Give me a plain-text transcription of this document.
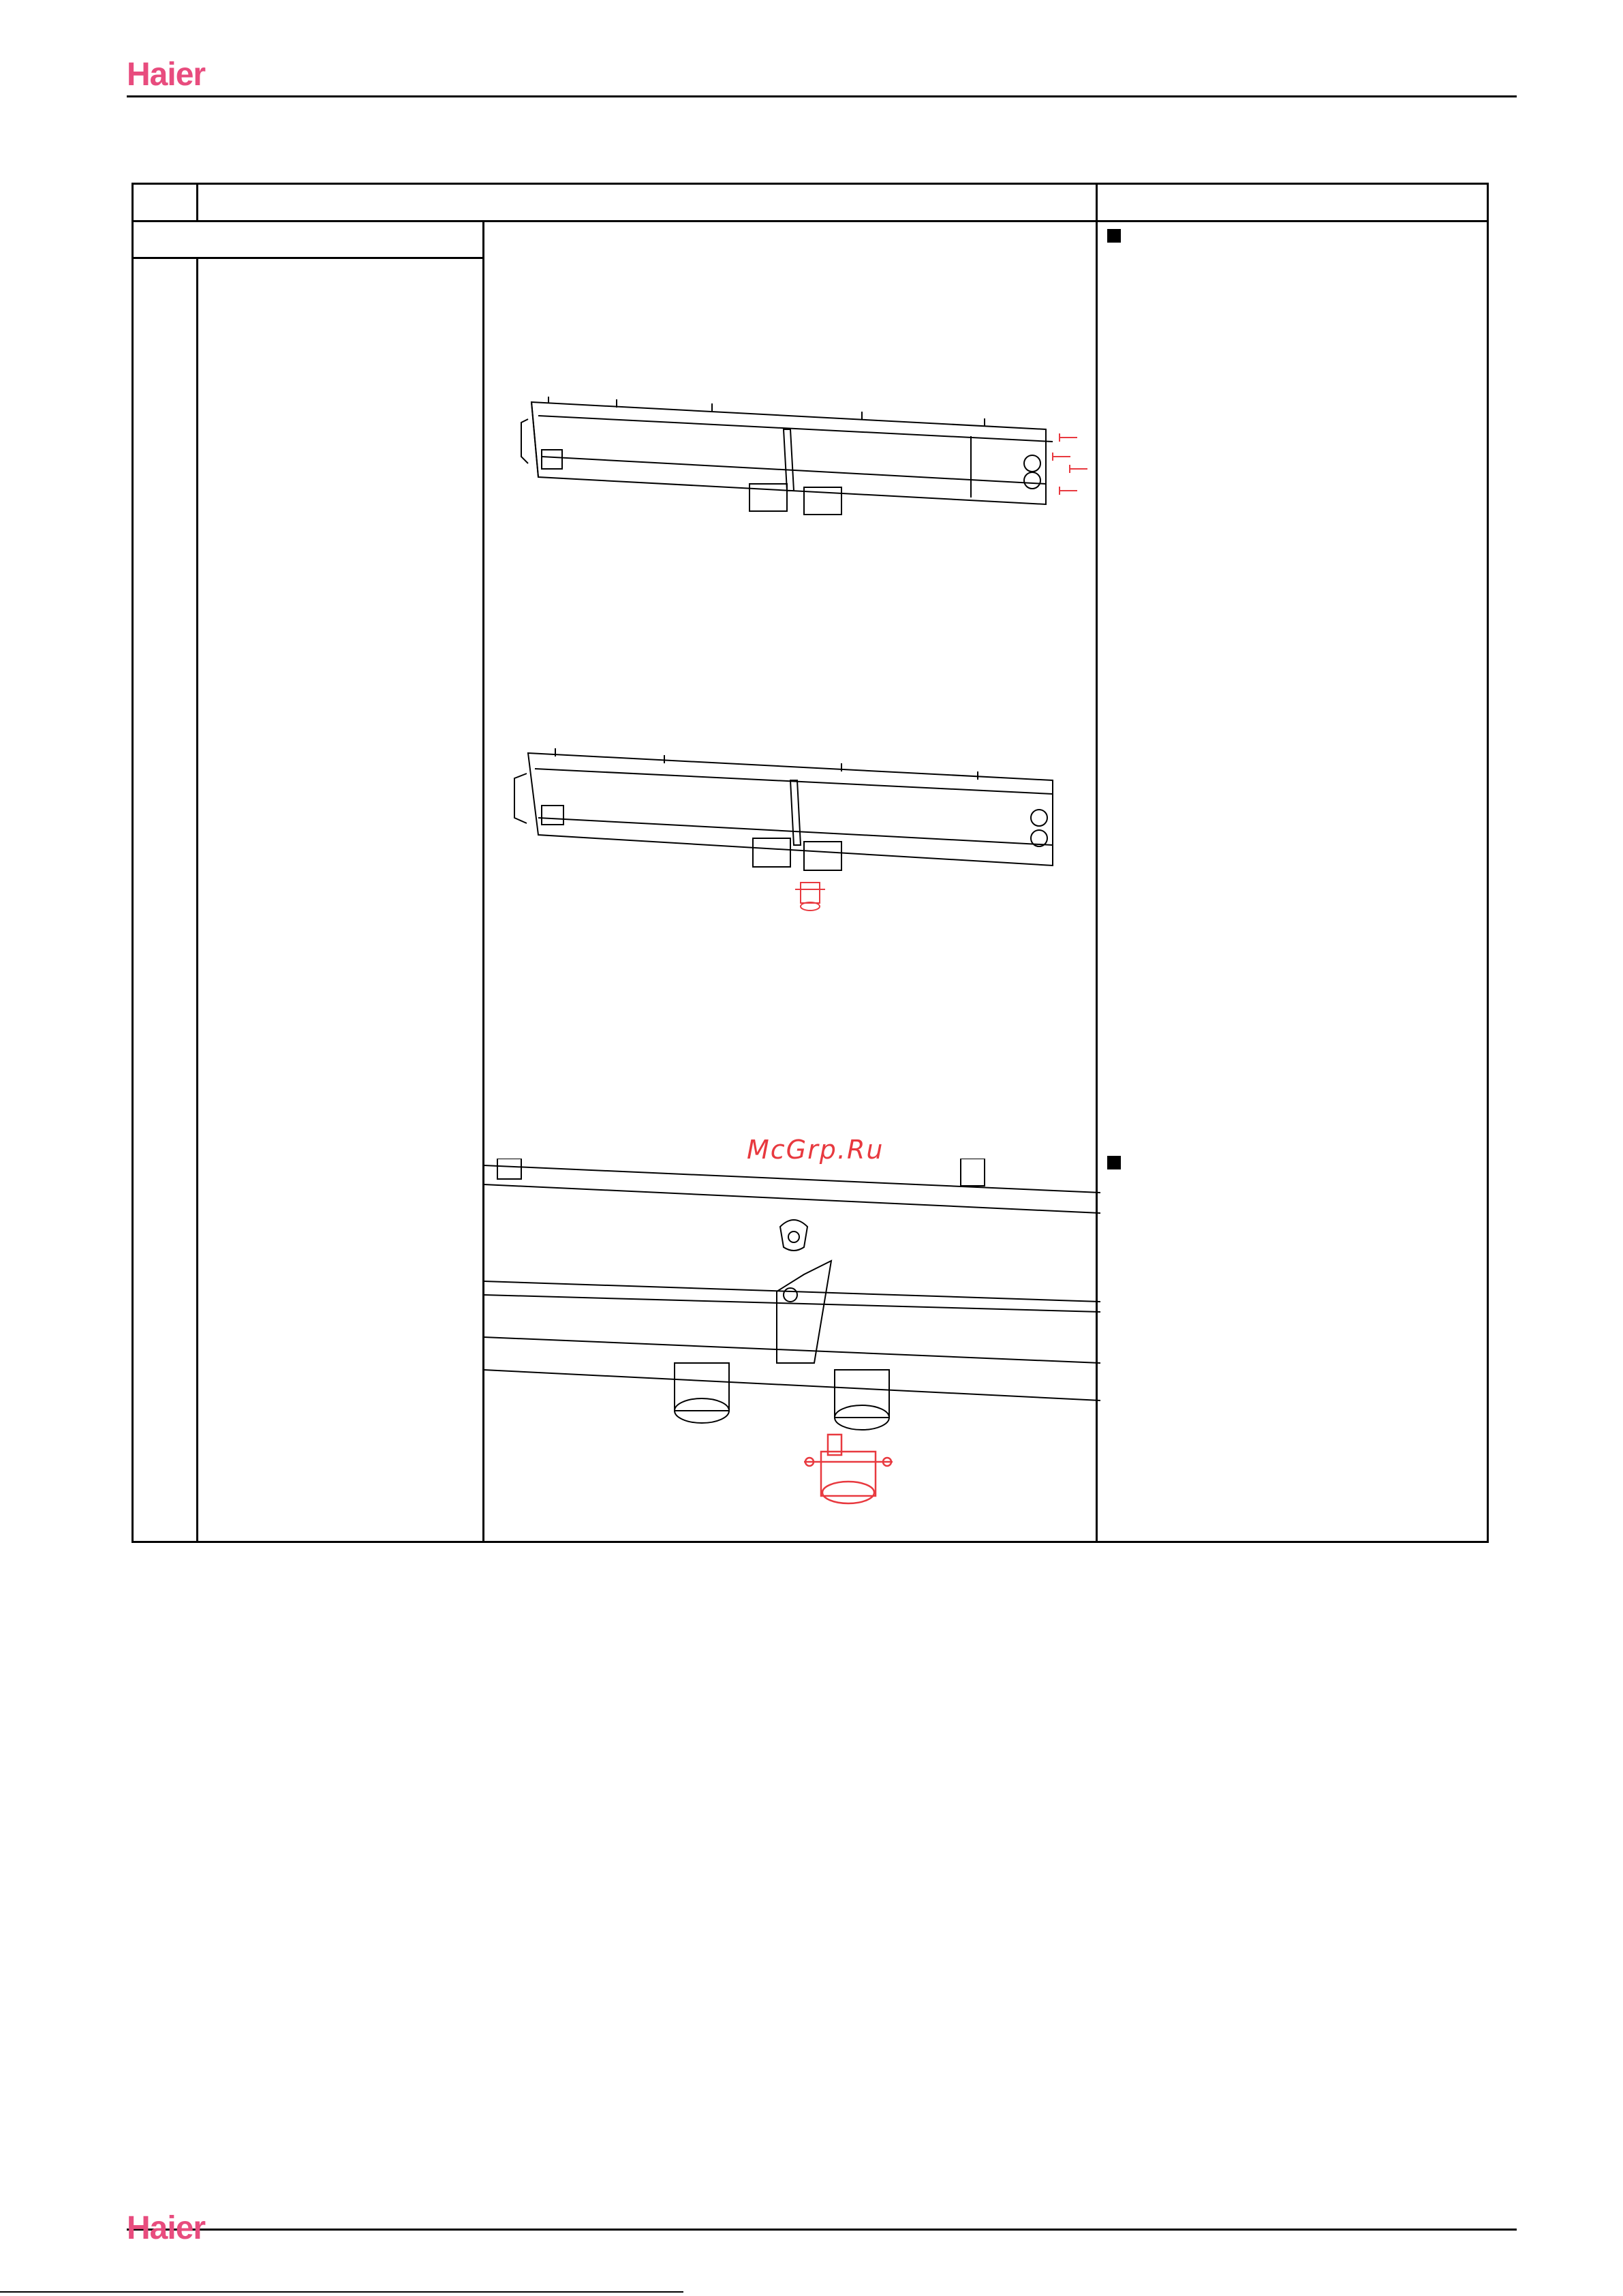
Haier
McGrp.Ru
Haier
